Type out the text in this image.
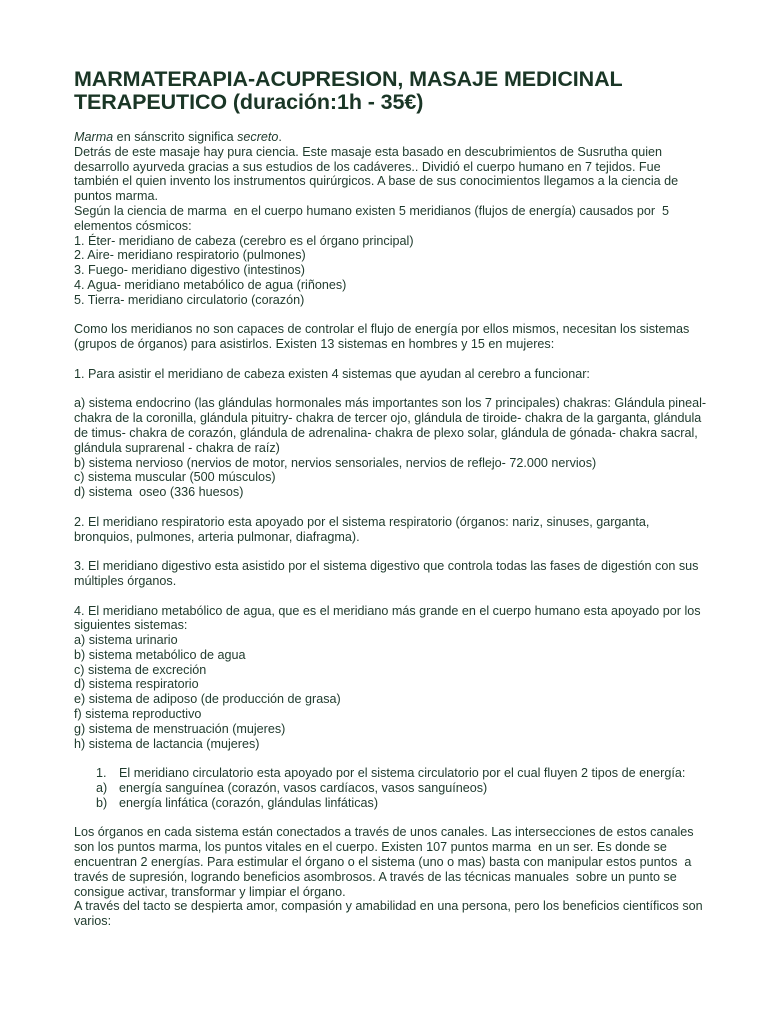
MARMATERAPIA-ACUPRESION, MASAJE MEDICINAL TERAPEUTICO (duración:1h - 35€)

Marma en sánscrito significa secreto.

Detrás de este masaje hay pura ciencia. Este masaje esta basado en descubrimientos de Susrutha quien desarrollo ayurveda gracias a sus estudios de los cadáveres.. Dividió el cuerpo humano en 7 tejidos. Fue también el quien invento los instrumentos quirúrgicos. A base de sus conocimientos llegamos a la ciencia de puntos marma.

Según la ciencia de marma  en el cuerpo humano existen 5 meridianos (flujos de energía) causados por  5 elementos cósmicos:

1. Éter- meridiano de cabeza (cerebro es el órgano principal)

2. Aire- meridiano respiratorio (pulmones)

3. Fuego- meridiano digestivo (intestinos)

4. Agua- meridiano metabólico de agua (riñones)

5. Tierra- meridiano circulatorio (corazón)

Como los meridianos no son capaces de controlar el flujo de energía por ellos mismos, necesitan los sistemas (grupos de órganos) para asistirlos. Existen 13 sistemas en hombres y 15 en mujeres:

1. Para asistir el meridiano de cabeza existen 4 sistemas que ayudan al cerebro a funcionar:

a) sistema endocrino (las glándulas hormonales más importantes son los 7 principales) chakras: Glándula pineal-chakra de la coronilla, glándula pituitry- chakra de tercer ojo, glándula de tiroide- chakra de la garganta, glándula de timus- chakra de corazón, glándula de adrenalina- chakra de plexo solar, glándula de gónada- chakra sacral, glándula suprarenal - chakra de raíz)

b) sistema nervioso (nervios de motor, nervios sensoriales, nervios de reflejo- 72.000 nervios)

c) sistema muscular (500 músculos)

d) sistema  oseo (336 huesos)

2. El meridiano respiratorio esta apoyado por el sistema respiratorio (órganos: nariz, sinuses, garganta, bronquios, pulmones, arteria pulmonar, diafragma).

3. El meridiano digestivo esta asistido por el sistema digestivo que controla todas las fases de digestión con sus múltiples órganos.

4. El meridiano metabólico de agua, que es el meridiano más grande en el cuerpo humano esta apoyado por los siguientes sistemas:

a) sistema urinario

b) sistema metabólico de agua

c) sistema de excreción

d) sistema respiratorio

e) sistema de adiposo (de producción de grasa)

f) sistema reproductivo

g) sistema de menstruación (mujeres)

h) sistema de lactancia (mujeres)

1. El meridiano circulatorio esta apoyado por el sistema circulatorio por el cual fluyen 2 tipos de energía:
a) energía sanguínea (corazón, vasos cardíacos, vasos sanguíneos)
b) energía linfática (corazón, glándulas linfáticas)

Los órganos en cada sistema están conectados a través de unos canales. Las intersecciones de estos canales son los puntos marma, los puntos vitales en el cuerpo. Existen 107 puntos marma  en un ser. Es donde se encuentran 2 energías. Para estimular el órgano o el sistema (uno o mas) basta con manipular estos puntos  a través de supresión, logrando beneficios asombrosos. A través de las técnicas manuales  sobre un punto se consigue activar, transformar y limpiar el órgano.

A través del tacto se despierta amor, compasión y amabilidad en una persona, pero los beneficios científicos son varios:
